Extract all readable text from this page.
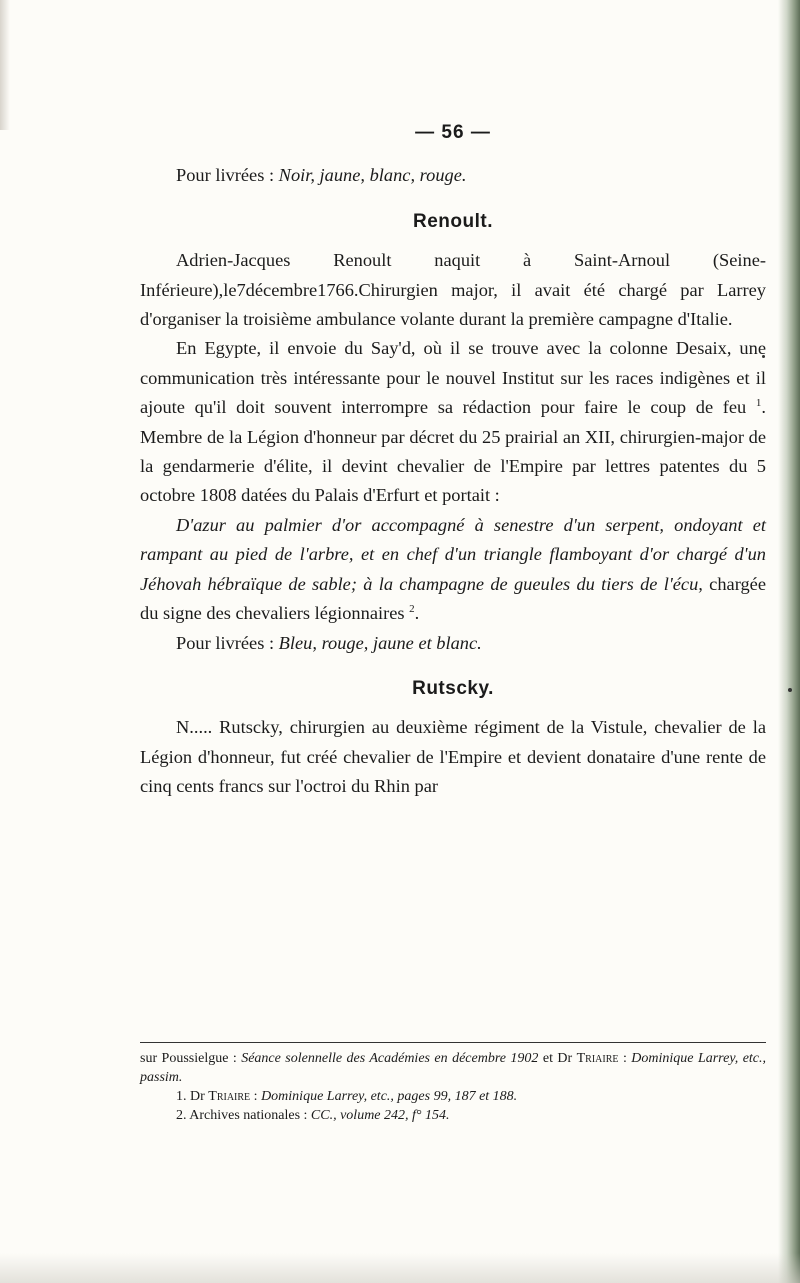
— 56 —

Pour livrées : Noir, jaune, blanc, rouge.

Renoult.

Adrien-Jacques Renoult naquit à Saint-Arnoul (Seine-Inférieure),le7décembre1766.Chirurgien major, il avait été chargé par Larrey d'organiser la troisième ambulance volante durant la première campagne d'Italie.

En Egypte, il envoie du Say'd, où il se trouve avec la colonne Desaix, une communication très intéressante pour le nouvel Institut sur les races indigènes et il ajoute qu'il doit souvent interrompre sa rédaction pour faire le coup de feu $^1$. Membre de la Légion d'honneur par décret du 25 prairial an XII, chirurgien-major de la gendarmerie d'élite, il devint chevalier de l'Empire par lettres patentes du 5 octobre 1808 datées du Palais d'Erfurt et portait :

D'azur au palmier d'or accompagné à senestre d'un serpent, ondoyant et rampant au pied de l'arbre, et en chef d'un triangle flamboyant d'or chargé d'un Jéhovah hébraïque de sable; à la champagne de gueules du tiers de l'écu, chargée du signe des chevaliers légionnaires $^2$.

Pour livrées : Bleu, rouge, jaune et blanc.

Rutscky.

N..... Rutscky, chirurgien au deuxième régiment de la Vistule, chevalier de la Légion d'honneur, fut créé chevalier de l'Empire et devient donataire d'une rente de cinq cents francs sur l'octroi du Rhin par

sur Poussielgue : Séance solennelle des Académies en décembre 1902 et Dr Triaire : Dominique Larrey, etc., passim.

1. Dr Triaire : Dominique Larrey, etc., pages 99, 187 et 188.

2. Archives nationales : CC., volume 242, f° 154.
